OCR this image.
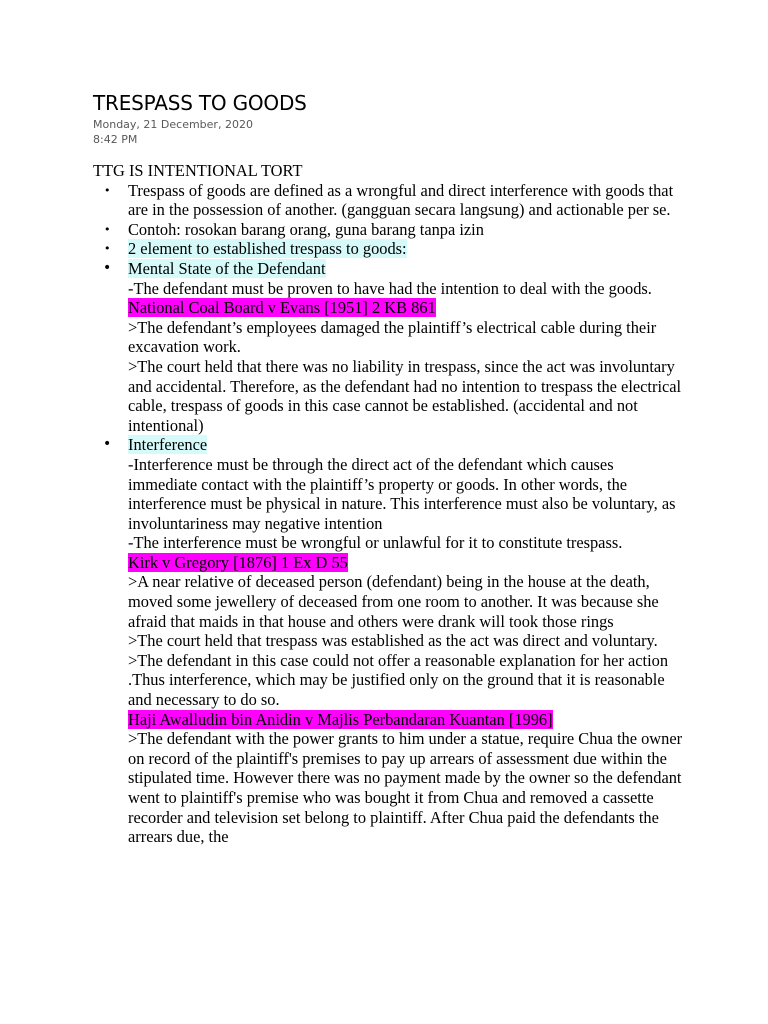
TRESPASS TO GOODS
Monday, 21 December, 2020
8:42 PM
TTG IS INTENTIONAL TORT
•	Trespass of goods are defined as a wrongful and direct interference with goods that are in the possession of another. (gangguan secara langsung) and actionable per se.
•	Contoh: rosokan barang orang, guna barang tanpa izin
•	2 element to established trespass to goods:
• Mental State of the Defendant
-The defendant must be proven to have had the intention to deal with the goods.
National Coal Board v Evans [1951] 2 KB 861
>The defendant’s employees damaged the plaintiff’s electrical cable during their excavation work.
>The court held that there was no liability in trespass, since the act was involuntary and accidental. Therefore, as the defendant had no intention to trespass the electrical cable, trespass of goods in this case cannot be established. (accidental and not intentional)
• Interference
-Interference must be through the direct act of the defendant which causes immediate contact with the plaintiff’s property or goods. In other words, the interference must be physical in nature. This interference must also be voluntary, as involuntariness may negative intention
-The interference must be wrongful or unlawful for it to constitute trespass.
Kirk v Gregory [1876] 1 Ex D 55
>A near relative of deceased person (defendant) being in the house at the death, moved some jewellery of deceased from one room to another. It was because she afraid that maids in that house and others were drank will took those rings
>The court held that trespass was established as the act was direct and voluntary.
>The defendant in this case could not offer a reasonable explanation for her action .Thus interference, which may be justified only on the ground that it is reasonable and necessary to do so.
Haji Awalludin bin Anidin v Majlis Perbandaran Kuantan [1996]
>The defendant with the power grants to him under a statue, require Chua the owner on record of the plaintiff's premises to pay up arrears of assessment due within the stipulated time. However there was no payment made by the owner so the defendant went to plaintiff's premise who was bought it from Chua and removed a cassette recorder and television set belong to plaintiff. After Chua paid the defendants the arrears due, the
